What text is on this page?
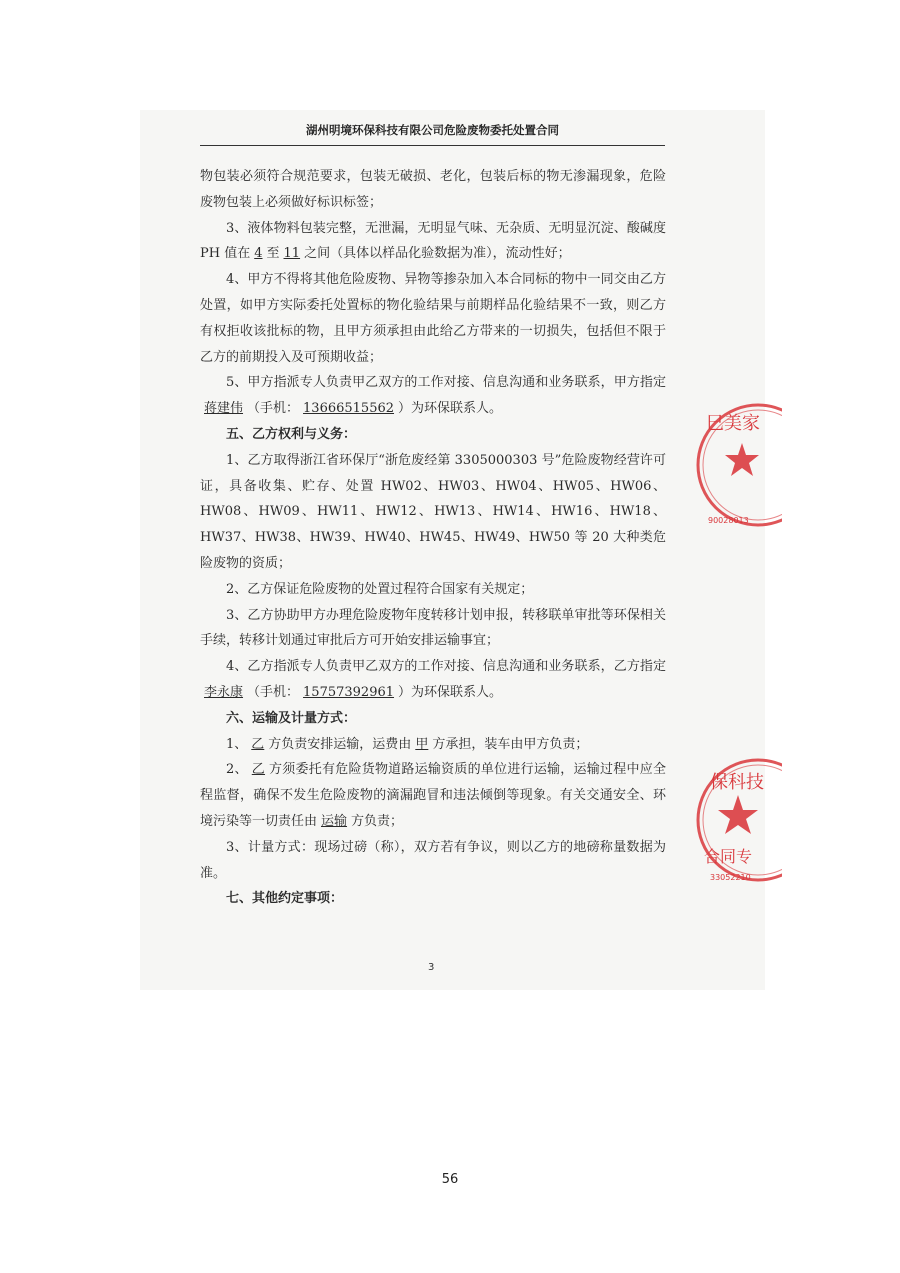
湖州明境环保科技有限公司危险废物委托处置合同

物包装必须符合规范要求，包装无破损、老化，包装后标的物无渗漏现象，危险废物包装上必须做好标识标签；

3、液体物料包装完整，无泄漏，无明显气味、无杂质、无明显沉淀、酸碱度 PH 值在 4 至 11 之间（具体以样品化验数据为准），流动性好；

4、甲方不得将其他危险废物、异物等掺杂加入本合同标的物中一同交由乙方处置，如甲方实际委托处置标的物化验结果与前期样品化验结果不一致，则乙方有权拒收该批标的物，且甲方须承担由此给乙方带来的一切损失，包括但不限于乙方的前期投入及可预期收益；

5、甲方指派专人负责甲乙双方的工作对接、信息沟通和业务联系，甲方指定蒋建伟 （手机： 13666515562 ）为环保联系人。

五、乙方权利与义务：

1、乙方取得浙江省环保厅“浙危废经第 3305000303 号”危险废物经营许可证，具备收集、贮存、处置 HW02、HW03、HW04、HW05、HW06、HW08、HW09、HW11、HW12、HW13、HW14、HW16、HW18、HW37、HW38、HW39、HW40、HW45、HW49、HW50 等 20 大种类危险废物的资质；

2、乙方保证危险废物的处置过程符合国家有关规定；

3、乙方协助甲方办理危险废物年度转移计划申报，转移联单审批等环保相关手续，转移计划通过审批后方可开始安排运输事宜；

4、乙方指派专人负责甲乙双方的工作对接、信息沟通和业务联系，乙方指定李永康 （手机： 15757392961 ）为环保联系人。

六、运输及计量方式：

1、 乙 方负责安排运输，运费由 甲 方承担，装车由甲方负责；

2、 乙 方须委托有危险货物道路运输资质的单位进行运输，运输过程中应全程监督，确保不发生危险废物的滴漏跑冒和违法倾倒等现象。有关交通安全、环境污染等一切责任由 运输 方负责；

3、计量方式：现场过磅（称），双方若有争议，则以乙方的地磅称量数据为准。

七、其他约定事项：

巳美家
90028013
保科技
合同专
33052210
3
56
